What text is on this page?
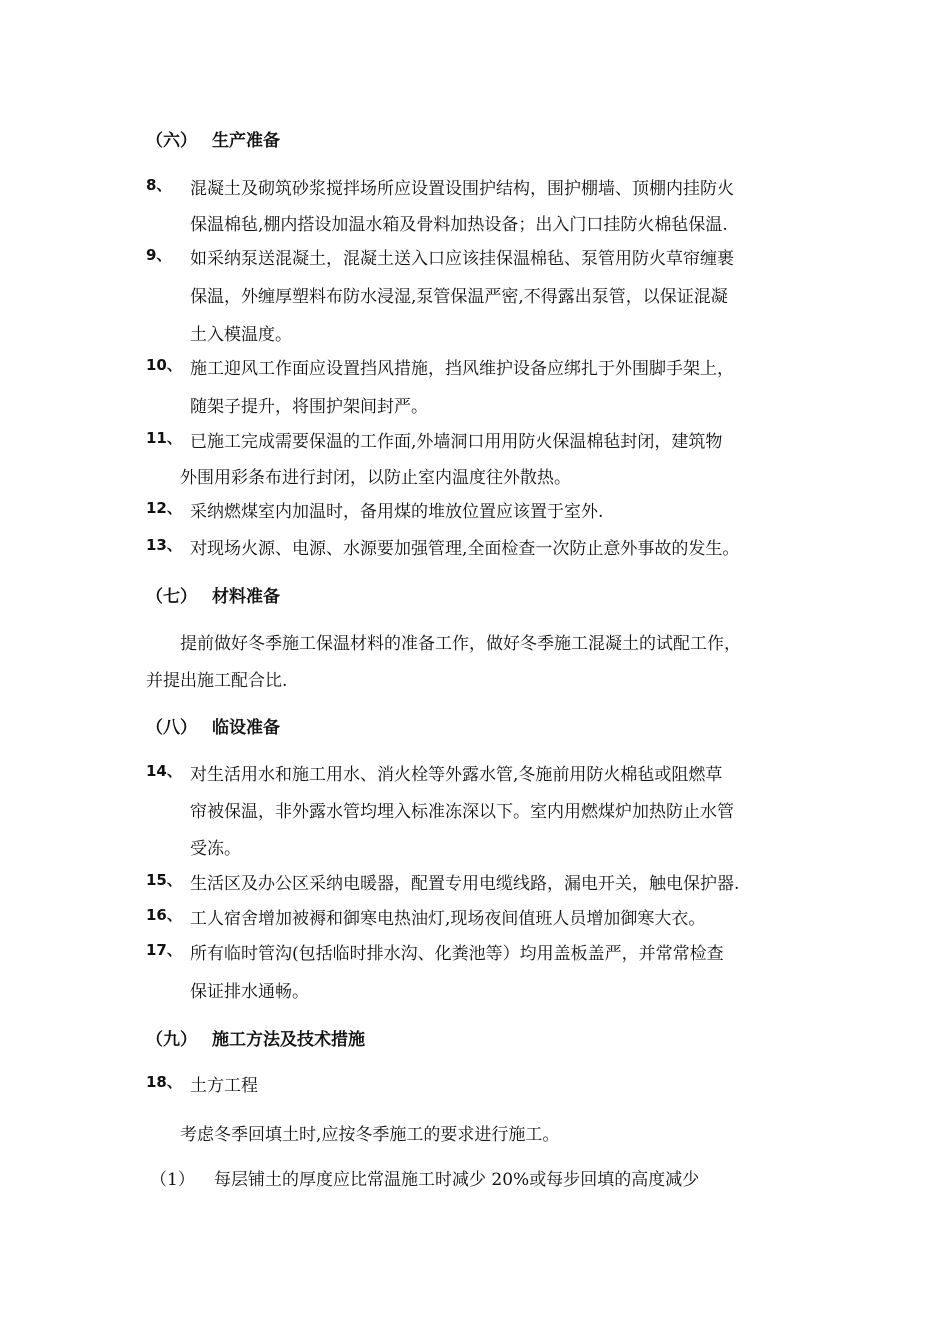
（六） 生产准备
8、 混凝土及砌筑砂浆搅拌场所应设置设围护结构，围护棚墙、顶棚内挂防火
保温棉毡,棚内搭设加温水箱及骨料加热设备；出入门口挂防火棉毡保温.
9、 如采纳泵送混凝土，混凝土送入口应该挂保温棉毡、泵管用防火草帘缠裹
保温，外缠厚塑料布防水浸湿,泵管保温严密,不得露出泵管，以保证混凝
土入模温度。
10、 施工迎风工作面应设置挡风措施，挡风维护设备应绑扎于外围脚手架上，
随架子提升，将围护架间封严。
11、 已施工完成需要保温的工作面,外墙洞口用用防火保温棉毡封闭，建筑物
外围用彩条布进行封闭，以防止室内温度往外散热。
12、 采纳燃煤室内加温时，备用煤的堆放位置应该置于室外.
13、 对现场火源、电源、水源要加强管理,全面检查一次防止意外事故的发生。
（七） 材料准备
提前做好冬季施工保温材料的准备工作，做好冬季施工混凝土的试配工作，
并提出施工配合比.
（八） 临设准备
14、 对生活用水和施工用水、消火栓等外露水管,冬施前用防火棉毡或阻燃草
帘被保温，非外露水管均埋入标准冻深以下。室内用燃煤炉加热防止水管
受冻。
15、 生活区及办公区采纳电暖器，配置专用电缆线路，漏电开关，触电保护器.
16、 工人宿舍增加被褥和御寒电热油灯,现场夜间值班人员增加御寒大衣。
17、 所有临时管沟(包括临时排水沟、化粪池等）均用盖板盖严，并常常检查
保证排水通畅。
（九） 施工方法及技术措施
18、 土方工程
考虑冬季回填土时,应按冬季施工的要求进行施工。
（1） 每层铺土的厚度应比常温施工时减少 20%或每步回填的高度减少
